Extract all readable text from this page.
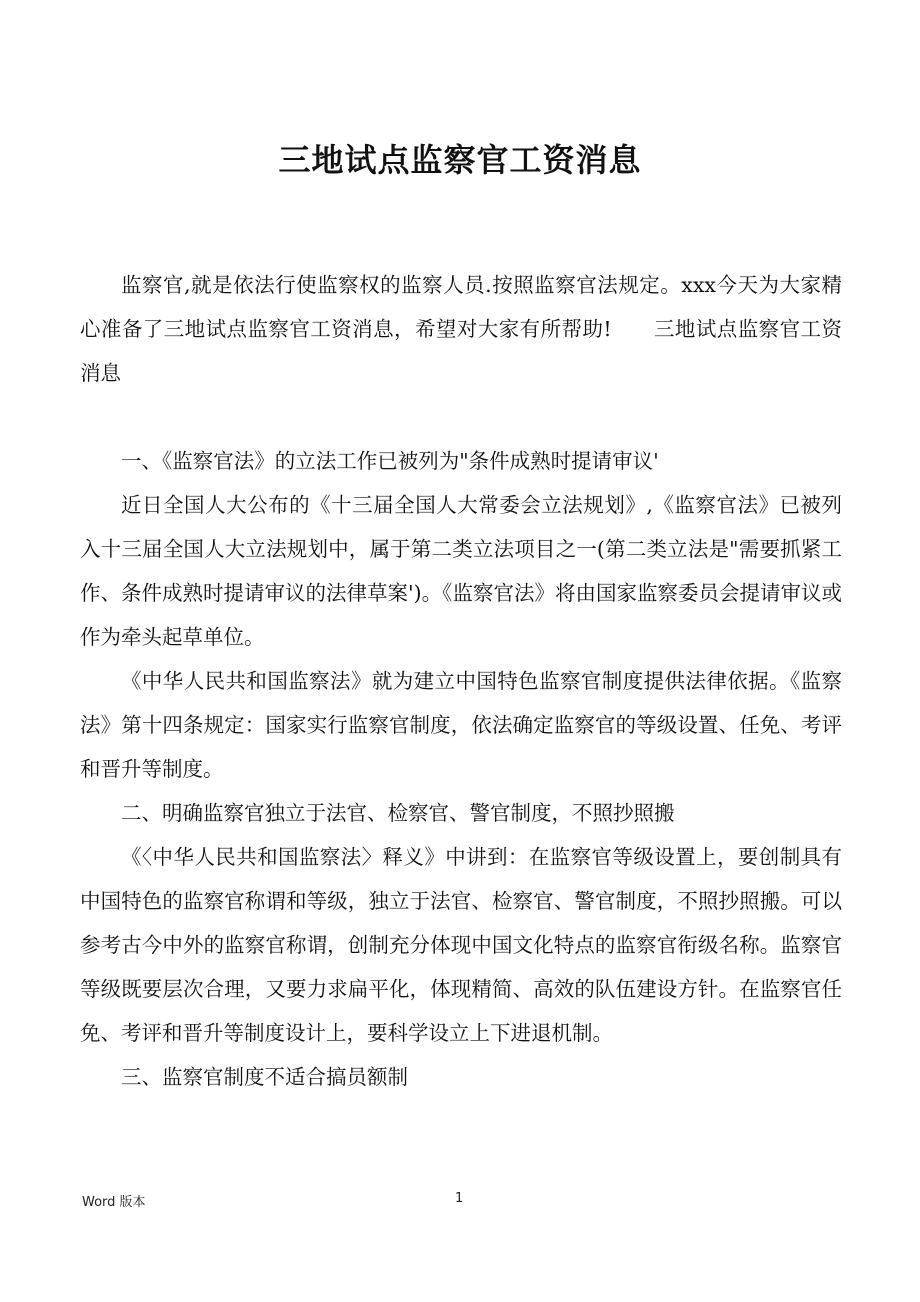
三地试点监察官工资消息

监察官,就是依法行使监察权的监察人员.按照监察官法规定。xxx今天为大家精心准备了三地试点监察官工资消息，希望对大家有所帮助!　　三地试点监察官工资消息

一、《监察官法》的立法工作已被列为"条件成熟时提请审议'

近日全国人大公布的《十三届全国人大常委会立法规划》,《监察官法》已被列入十三届全国人大立法规划中，属于第二类立法项目之一(第二类立法是"需要抓紧工作、条件成熟时提请审议的法律草案')。《监察官法》将由国家监察委员会提请审议或作为牵头起草单位。

《中华人民共和国监察法》就为建立中国特色监察官制度提供法律依据。《监察法》第十四条规定：国家实行监察官制度，依法确定监察官的等级设置、任免、考评和晋升等制度。

二、明确监察官独立于法官、检察官、警官制度，不照抄照搬

《〈中华人民共和国监察法〉释义》中讲到：在监察官等级设置上，要创制具有中国特色的监察官称谓和等级，独立于法官、检察官、警官制度，不照抄照搬。可以参考古今中外的监察官称谓，创制充分体现中国文化特点的监察官衔级名称。监察官等级既要层次合理，又要力求扁平化，体现精简、高效的队伍建设方针。在监察官任免、考评和晋升等制度设计上，要科学设立上下进退机制。

三、监察官制度不适合搞员额制

Word 版本	1
